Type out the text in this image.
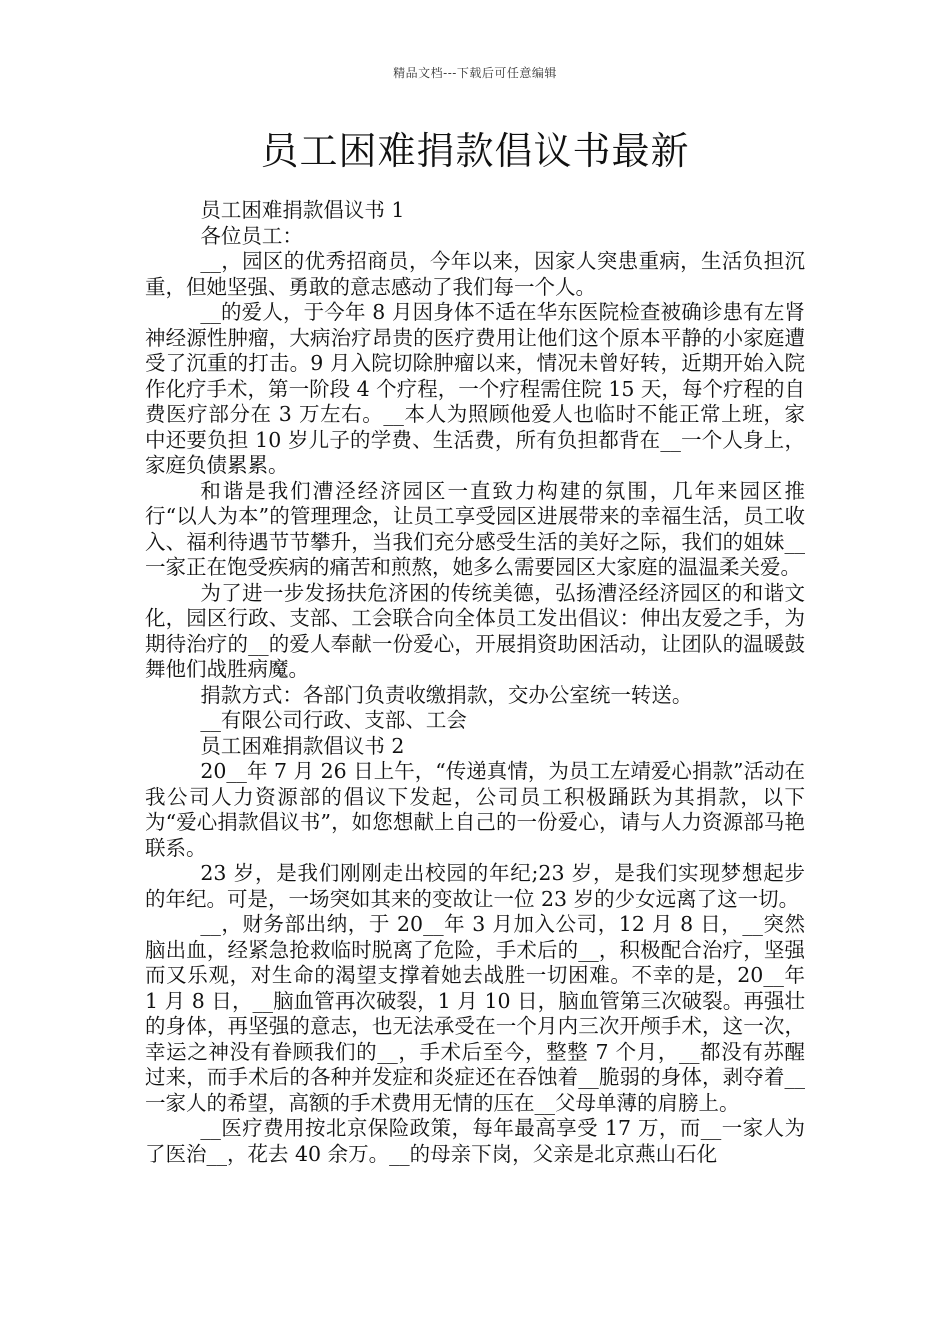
精品文档---下载后可任意编辑
员工困难捐款倡议书最新

员工困难捐款倡议书 1

各位员工：

__，园区的优秀招商员，今年以来，因家人突患重病，生活负担沉重，但她坚强、勇敢的意志感动了我们每一个人。

__的爱人，于今年 8 月因身体不适在华东医院检查被确诊患有左肾神经源性肿瘤，大病治疗昂贵的医疗费用让他们这个原本平静的小家庭遭受了沉重的打击。9 月入院切除肿瘤以来，情况未曾好转，近期开始入院作化疗手术，第一阶段 4 个疗程，一个疗程需住院 15 天，每个疗程的自费医疗部分在 3 万左右。__本人为照顾他爱人也临时不能正常上班，家中还要负担 10 岁儿子的学费、生活费，所有负担都背在__一个人身上，家庭负债累累。

和谐是我们漕泾经济园区一直致力构建的氛围，几年来园区推行“以人为本”的管理理念，让员工享受园区进展带来的幸福生活，员工收入、福利待遇节节攀升，当我们充分感受生活的美好之际，我们的姐妹__一家正在饱受疾病的痛苦和煎熬，她多么需要园区大家庭的温温柔关爱。

为了进一步发扬扶危济困的传统美德，弘扬漕泾经济园区的和谐文化，园区行政、支部、工会联合向全体员工发出倡议：伸出友爱之手，为期待治疗的__的爱人奉献一份爱心，开展捐资助困活动，让团队的温暖鼓舞他们战胜病魔。

捐款方式：各部门负责收缴捐款，交办公室统一转送。

__有限公司行政、支部、工会

员工困难捐款倡议书 2

20__年 7 月 26 日上午，“传递真情，为员工左靖爱心捐款”活动在我公司人力资源部的倡议下发起，公司员工积极踊跃为其捐款，以下为“爱心捐款倡议书”，如您想献上自己的一份爱心，请与人力资源部马艳联系。

23 岁，是我们刚刚走出校园的年纪;23 岁，是我们实现梦想起步的年纪。可是，一场突如其来的变故让一位 23 岁的少女远离了这一切。

__，财务部出纳，于 20__年 3 月加入公司，12 月 8 日，__突然脑出血，经紧急抢救临时脱离了危险，手术后的__，积极配合治疗，坚强而又乐观，对生命的渴望支撑着她去战胜一切困难。不幸的是，20__年 1 月 8 日，__脑血管再次破裂，1 月 10 日，脑血管第三次破裂。再强壮的身体，再坚强的意志，也无法承受在一个月内三次开颅手术，这一次，幸运之神没有眷顾我们的__，手术后至今，整整 7 个月，__都没有苏醒过来，而手术后的各种并发症和炎症还在吞蚀着__脆弱的身体，剥夺着__一家人的希望，高额的手术费用无情的压在__父母单薄的肩膀上。

__医疗费用按北京保险政策，每年最高享受 17 万，而__一家人为了医治__，花去 40 余万。__的母亲下岗，父亲是北京燕山石化
